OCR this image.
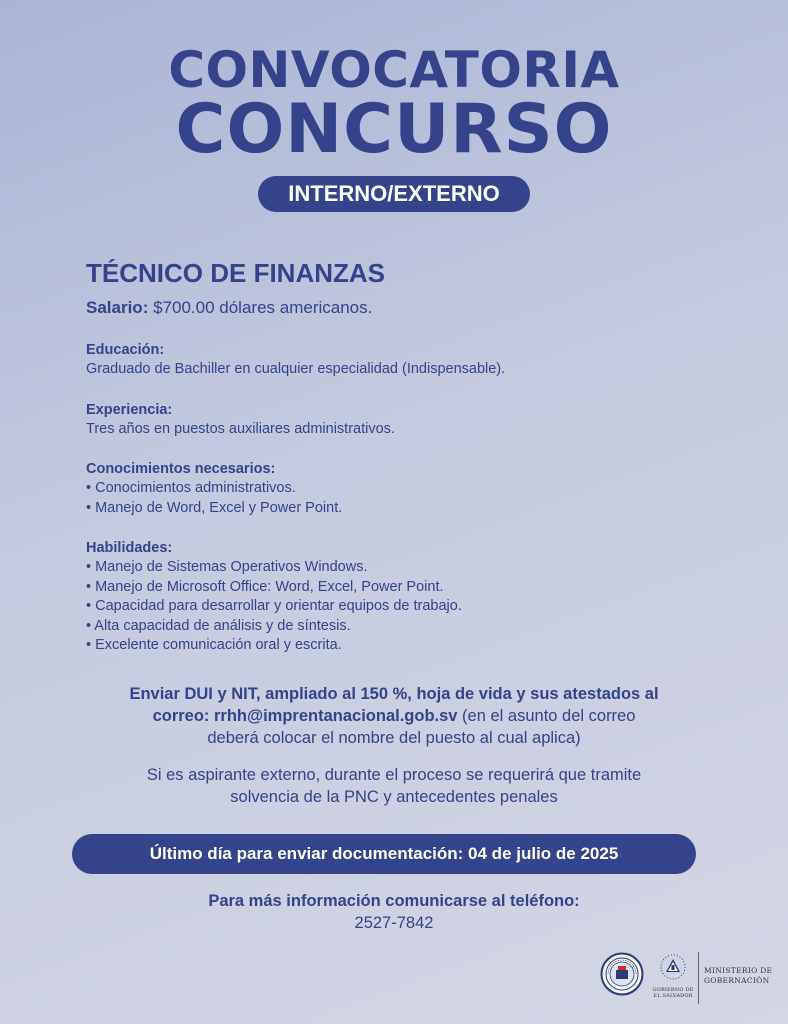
CONVOCATORIA
CONCURSO
INTERNO/EXTERNO
TÉCNICO DE FINANZAS
Salario: $700.00 dólares americanos.
Educación:
Graduado de Bachiller en cualquier especialidad (Indispensable).
Experiencia:
Tres años en puestos auxiliares administrativos.
Conocimientos necesarios:
• Conocimientos administrativos.
• Manejo de Word, Excel y Power Point.
Habilidades:
• Manejo de Sistemas Operativos Windows.
• Manejo de Microsoft Office: Word, Excel, Power Point.
• Capacidad para desarrollar y orientar equipos de trabajo.
• Alta capacidad de análisis y de síntesis.
• Excelente comunicación oral y escrita.
Enviar DUI y NIT, ampliado al 150 %, hoja de vida y sus atestados al
correo: rrhh@imprentanacional.gob.sv (en el asunto del correo
deberá colocar el nombre del puesto al cual aplica)
Si es aspirante externo, durante el proceso se requerirá que tramite
solvencia de la PNC y antecedentes penales
Último día para enviar documentación: 04 de julio de 2025
Para más información comunicarse al teléfono:
2527-7842
GOBIERNO DE
EL SALVADOR
MINISTERIO DE
GOBERNACIÓN
